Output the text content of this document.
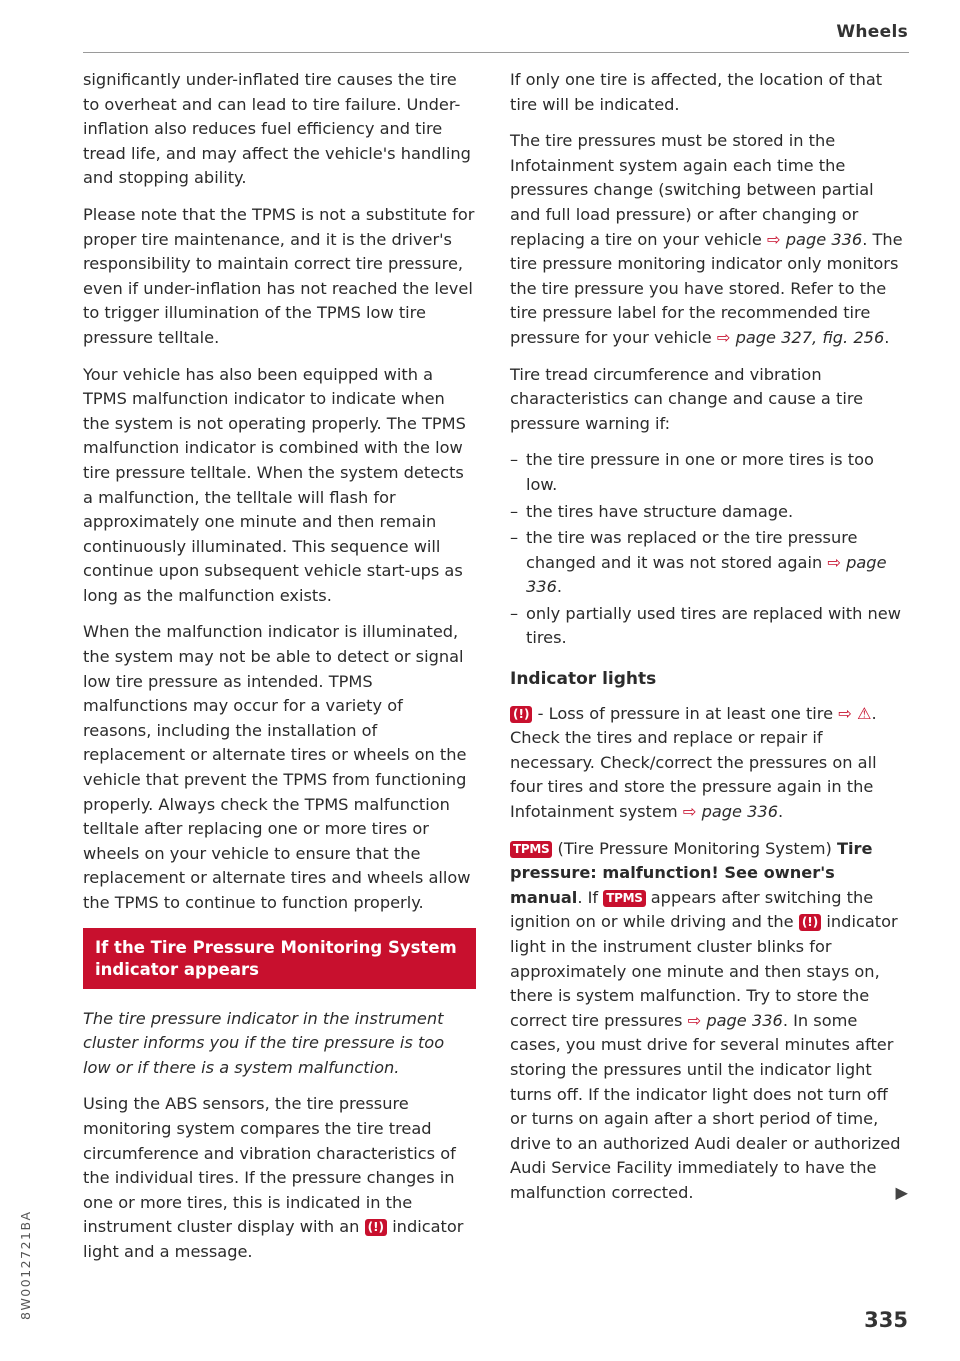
Wheels

significantly under-inflated tire causes the tire to overheat and can lead to tire failure. Under-inflation also reduces fuel efficiency and tire tread life, and may affect the vehicle's handling and stopping ability.

Please note that the TPMS is not a substitute for proper tire maintenance, and it is the driver's responsibility to maintain correct tire pressure, even if under-inflation has not reached the level to trigger illumination of the TPMS low tire pressure telltale.

Your vehicle has also been equipped with a TPMS malfunction indicator to indicate when the system is not operating properly. The TPMS malfunction indicator is combined with the low tire pressure telltale. When the system detects a malfunction, the telltale will flash for approximately one minute and then remain continuously illuminated. This sequence will continue upon subsequent vehicle start-ups as long as the malfunction exists.

When the malfunction indicator is illuminated, the system may not be able to detect or signal low tire pressure as intended. TPMS malfunctions may occur for a variety of reasons, including the installation of replacement or alternate tires or wheels on the vehicle that prevent the TPMS from functioning properly. Always check the TPMS malfunction telltale after replacing one or more tires or wheels on your vehicle to ensure that the replacement or alternate tires and wheels allow the TPMS to continue to function properly.

If the Tire Pressure Monitoring System indicator appears

The tire pressure indicator in the instrument cluster informs you if the tire pressure is too low or if there is a system malfunction.

Using the ABS sensors, the tire pressure monitoring system compares the tire tread circumference and vibration characteristics of the individual tires. If the pressure changes in one or more tires, this is indicated in the instrument cluster display with an (!) indicator light and a message.

If only one tire is affected, the location of that tire will be indicated.

The tire pressures must be stored in the Infotainment system again each time the pressures change (switching between partial and full load pressure) or after changing or replacing a tire on your vehicle ⇨ page 336. The tire pressure monitoring indicator only monitors the tire pressure you have stored. Refer to the tire pressure label for the recommended tire pressure for your vehicle ⇨ page 327, fig. 256.

Tire tread circumference and vibration characteristics can change and cause a tire pressure warning if:

– the tire pressure in one or more tires is too low.
– the tires have structure damage.
– the tire was replaced or the tire pressure changed and it was not stored again ⇨ page 336.
– only partially used tires are replaced with new tires.
Indicator lights

(!) - Loss of pressure in at least one tire ⇨ ⚠. Check the tires and replace or repair if necessary. Check/correct the pressures on all four tires and store the pressure again in the Infotainment system ⇨ page 336.

TPMS (Tire Pressure Monitoring System) Tire pressure: malfunction! See owner's manual. If TPMS appears after switching the ignition on or while driving and the (!) indicator light in the instrument cluster blinks for approximately one minute and then stays on, there is system malfunction. Try to store the correct tire pressures ⇨ page 336. In some cases, you must drive for several minutes after storing the pressures until the indicator light turns off. If the indicator light does not turn off or turns on again after a short period of time, drive to an authorized Audi dealer or authorized Audi Service Facility immediately to have the malfunction corrected.	▶

8W0012721BA	335
